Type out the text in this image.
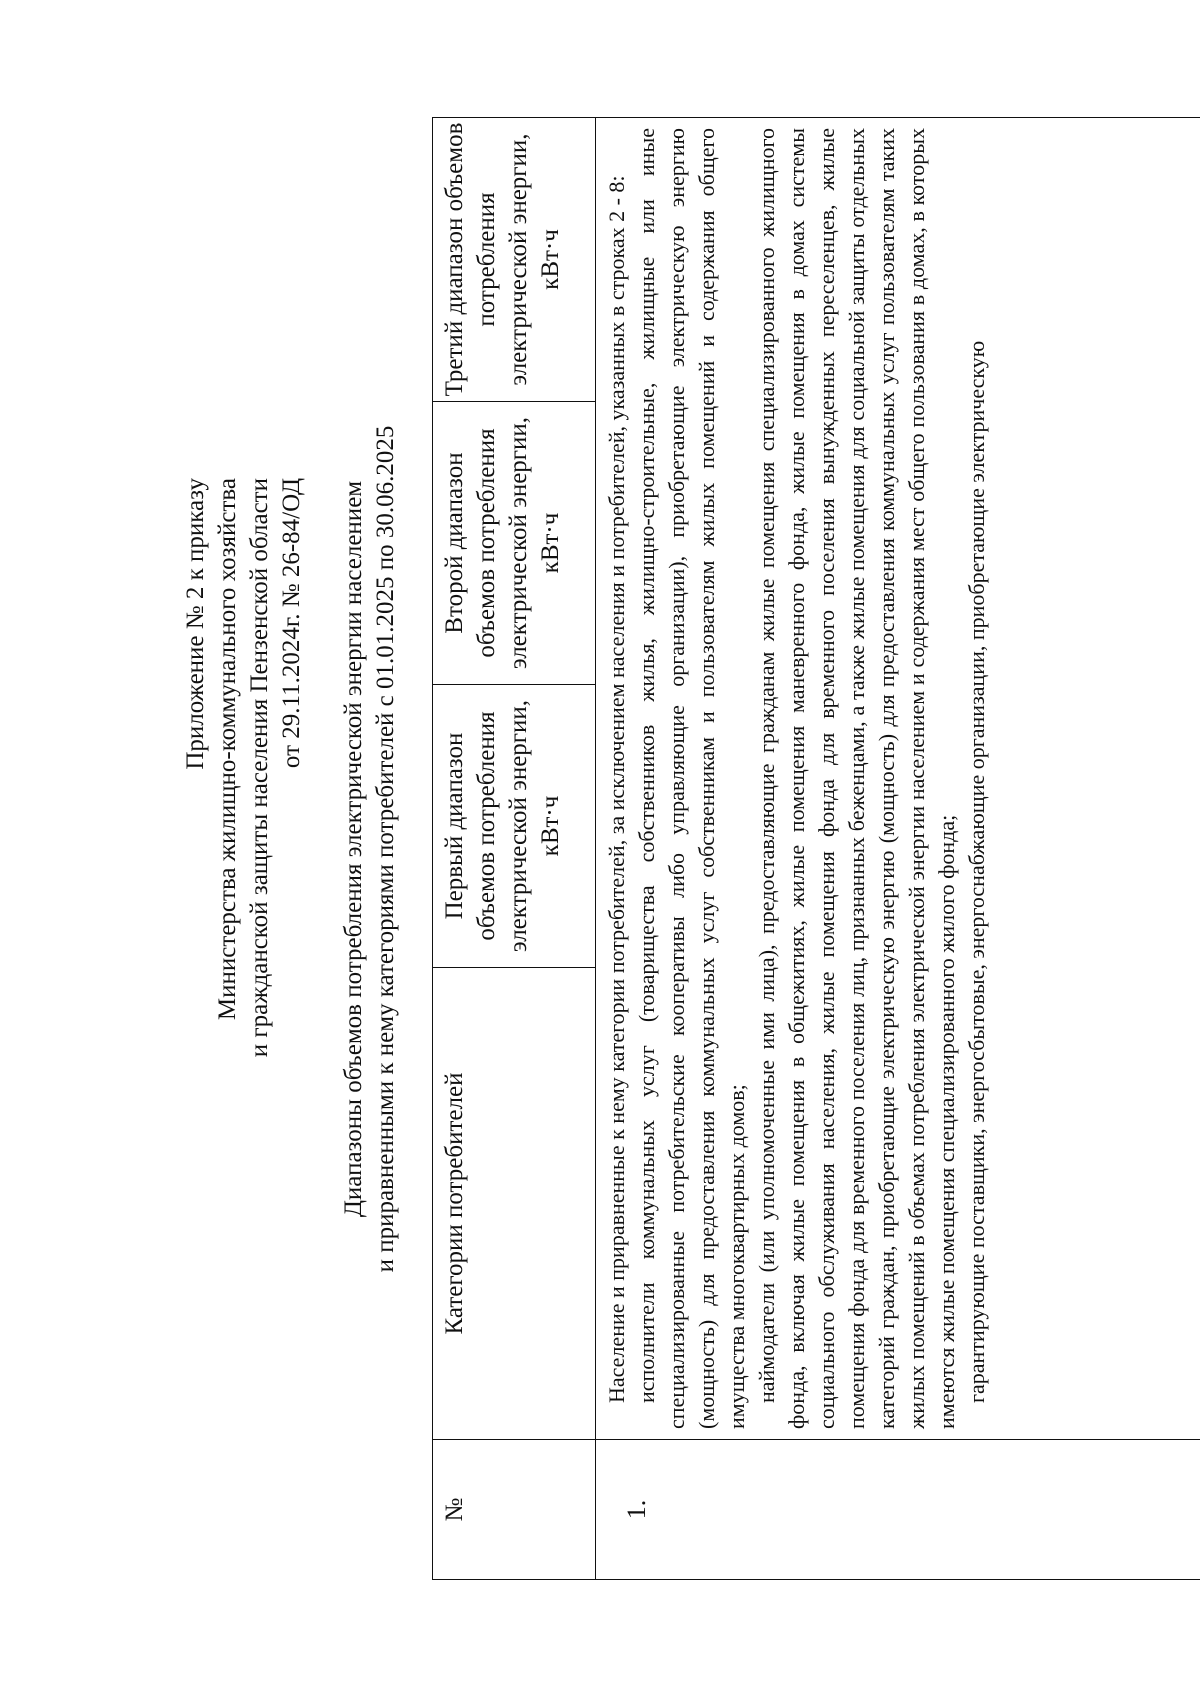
Приложение № 2 к приказу Министерства жилищно-коммунального хозяйства и гражданской защиты населения Пензенской области от 29.11.2024г. № 26-84/ОД Диапазоны объемов потребления электрической энергии населением и приравненными к нему категориями потребителей с 01.01.2025 по 30.06.2025
№	Категории потребителей	Первый диапазон объемов потребления электрической энергии, кВт·ч	Второй диапазон объемов потребления электрической энергии, кВт·ч	Третий диапазон объемов потребления электрической энергии, кВт·ч
1.	Население и приравненные к нему категории потребителей, за исключением населения и потребителей, указанных в строках 2 - 8: исполнители коммунальных услуг (товарищества собственников жилья, жилищно-строительные, жилищные или иные специализированные потребительские кооперативы либо управляющие организации), приобретающие электрическую энергию (мощность) для предоставления коммунальных услуг собственникам и пользователям жилых помещений и содержания общего имущества многоквартирных домов; наймодатели (или уполномоченные ими лица), предоставляющие гражданам жилые помещения специализированного жилищного фонда, включая жилые помещения в общежитиях, жилые помещения маневренного фонда, жилые помещения в домах системы социального обслуживания населения, жилые помещения фонда для временного поселения вынужденных переселенцев, жилые помещения фонда для временного поселения лиц, признанных беженцами, а также жилые помещения для социальной защиты отдельных категорий граждан, приобретающие электрическую энергию (мощность) для предоставления коммунальных услуг пользователям таких жилых помещений в объемах потребления электрической энергии населением и содержания мест общего пользования в домах, в которых имеются жилые помещения специализированного жилого фонда; гарантирующие поставщики, энергосбытовые, энергоснабжающие организации, приобретающие электрическую			
